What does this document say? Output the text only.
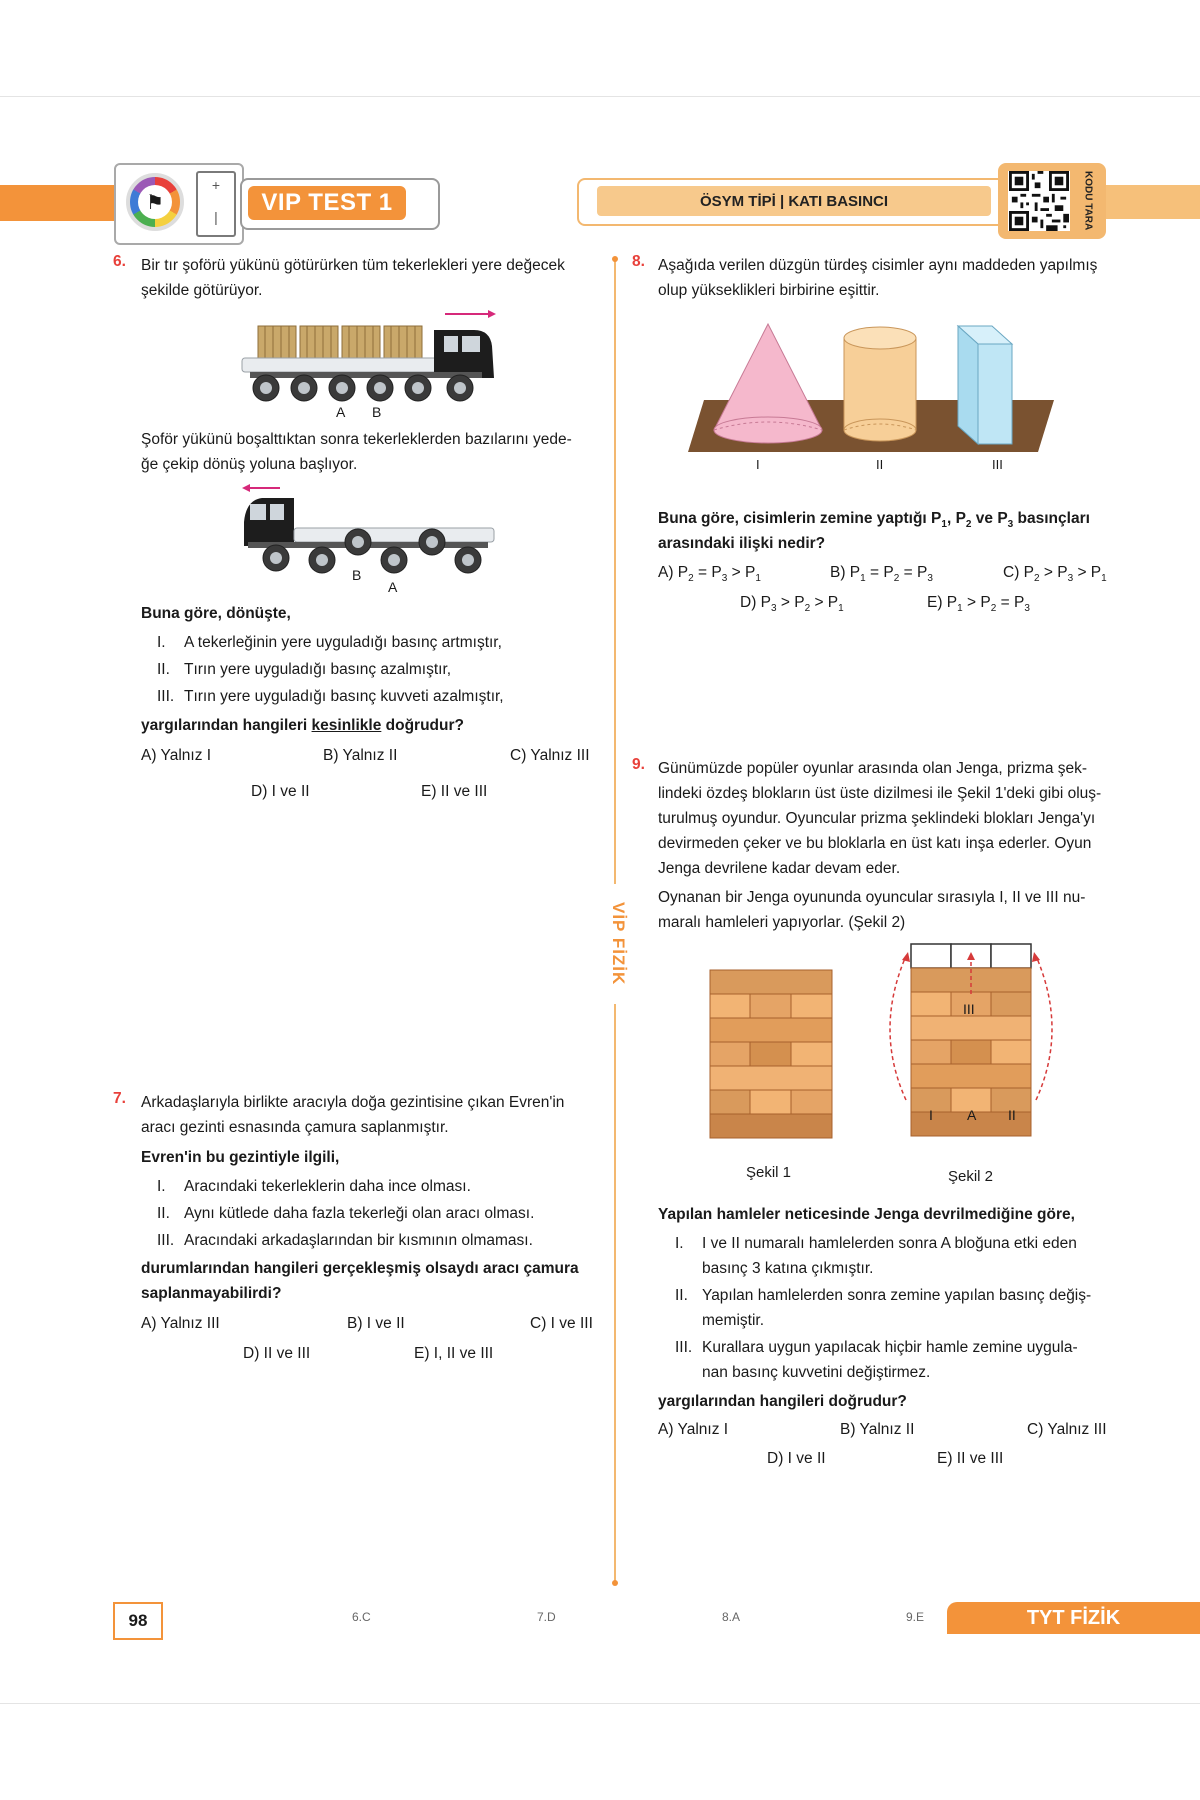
⚑
+
|
VIP TEST 1	ÖSYM TİPİ | KATI BASINCI	KODU TARA
VİP FİZİK
6. Bir tır şoförü yükünü götürürken tüm tekerlekleri yere değecek
şekilde götürüyor.
A B
Şoför yükünü boşalttıktan sonra tekerleklerden bazılarını yede-
ğe çekip dönüş yoluna başlıyor.
B
A
Buna göre, dönüşte,
I. A tekerleğinin yere uyguladığı basınç artmıştır,
II. Tırın yere uyguladığı basınç azalmıştır,
III. Tırın yere uyguladığı basınç kuvveti azalmıştır,
yargılarından hangileri kesinlikle doğrudur?
A) Yalnız I	B) Yalnız II	C) Yalnız III
D) I ve II	E) II ve III
7. Arkadaşlarıyla birlikte aracıyla doğa gezintisine çıkan Evren'in
aracı gezinti esnasında çamura saplanmıştır.
Evren'in bu gezintiyle ilgili,
I. Aracındaki tekerleklerin daha ince olması.
II. Aynı kütlede daha fazla tekerleği olan aracı olması.
III. Aracındaki arkadaşlarından bir kısmının olmaması.
durumlarından hangileri gerçekleşmiş olsaydı aracı çamura
saplanmayabilirdi?
A) Yalnız III	B) I ve II	C) I ve III
D) II ve III	E) I, II ve III
8. Aşağıda verilen düzgün türdeş cisimler aynı maddeden yapılmış
olup yükseklikleri birbirine eşittir.
I	II	III
Buna göre, cisimlerin zemine yaptığı $P_1$, $P_2$ ve $P_3$ basınçları
arasındaki ilişki nedir?
A) $P_2 = P_3 > P_1$	B) $P_1 = P_2 = P_3$	C) $P_2 > P_3 > P_1$
D) $P_3 > P_2 > P_1$	E) $P_1 > P_2 = P_3$
9. Günümüzde popüler oyunlar arasında olan Jenga, prizma şek-
lindeki özdeş blokların üst üste dizilmesi ile Şekil 1'deki gibi oluş-
turulmuş oyundur. Oyuncular prizma şeklindeki blokları Jenga'yı
devirmeden çeker ve bu bloklarla en üst katı inşa ederler. Oyun
Jenga devrilene kadar devam eder.
Oynanan bir Jenga oyununda oyuncular sırasıyla I, II ve III nu-
maralı hamleleri yapıyorlar. (Şekil 2)
Şekil 1
III
I A II
Şekil 2
Yapılan hamleler neticesinde Jenga devrilmediğine göre,
I. I ve II numaralı hamlelerden sonra A bloğuna etki eden
basınç 3 katına çıkmıştır.
II. Yapılan hamlelerden sonra zemine yapılan basınç değiş-
memiştir.
III. Kurallara uygun yapılacak hiçbir hamle zemine uygula-
nan basınç kuvvetini değiştirmez.
yargılarından hangileri doğrudur?
A) Yalnız I	B) Yalnız II	C) Yalnız III
D) I ve II	E) II ve III
98	6.C	7.D	8.A	9.E	TYT FİZİK
